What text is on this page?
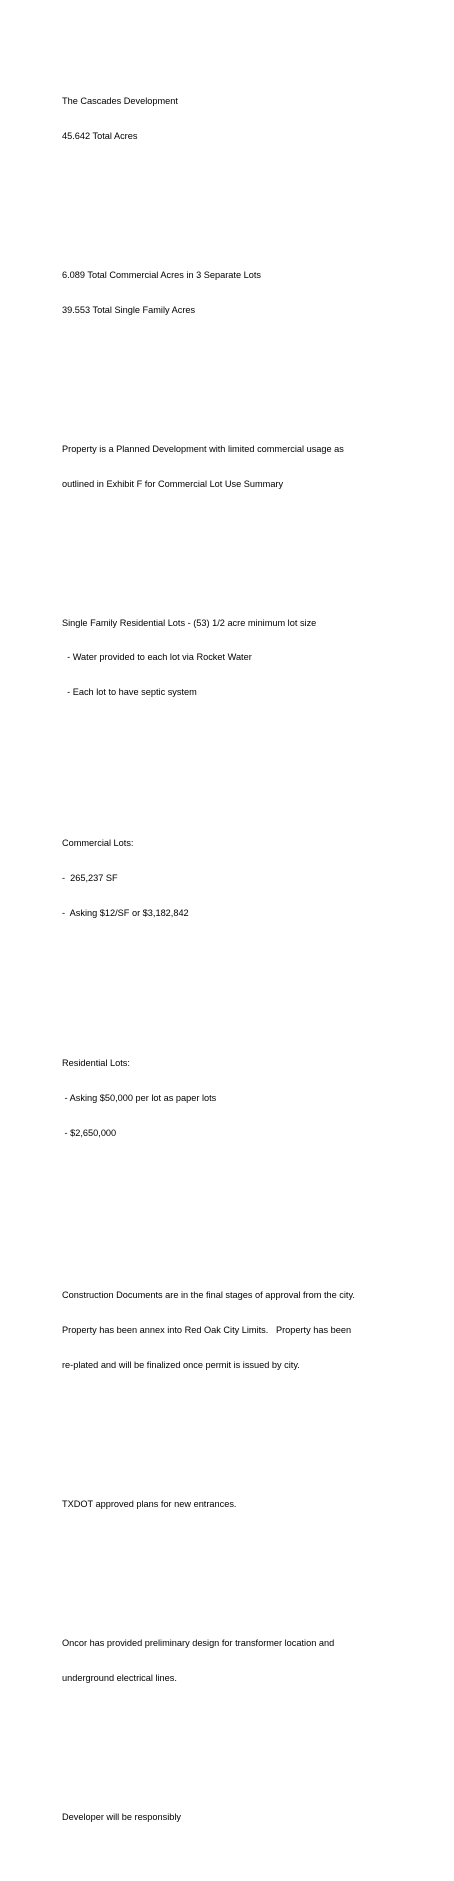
The Cascades Development

45.642 Total Acres

6.089 Total Commercial Acres in 3 Separate Lots

39.553 Total Single Family Acres

Property is a Planned Development with limited commercial usage as

outlined in Exhibit F for Commercial Lot Use Summary

Single Family Residential Lots - (53) 1/2 acre minimum lot size

- Water provided to each lot via Rocket Water

- Each lot to have septic system

Commercial Lots:

-  265,237 SF

-  Asking $12/SF or $3,182,842

Residential Lots:

- Asking $50,000 per lot as paper lots

- $2,650,000

Construction Documents are in the final stages of approval from the city.

Property has been annex into Red Oak City Limits.   Property has been

re-plated and will be finalized once permit is issued by city.

TXDOT approved plans for new entrances.

Oncor has provided preliminary design for transformer location and

underground electrical lines.

Developer will be responsibly
